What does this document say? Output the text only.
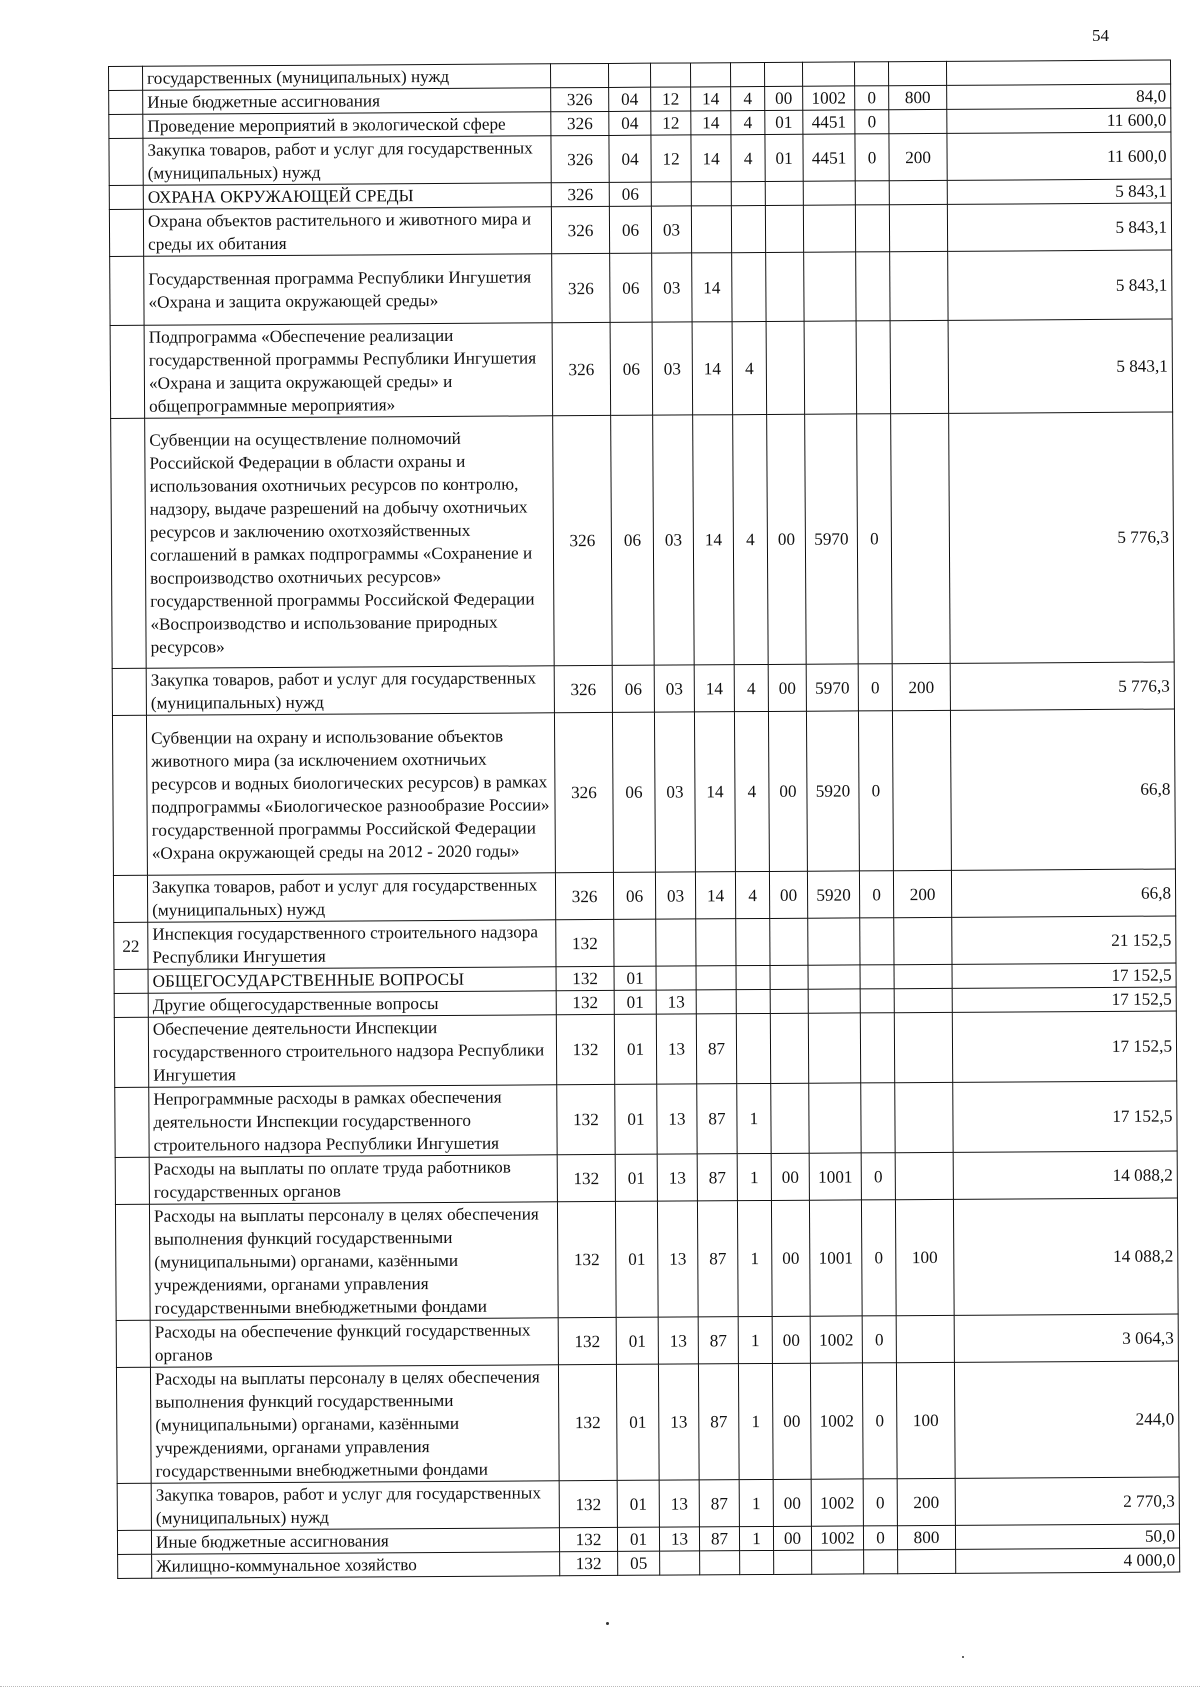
54
	государственных (муниципальных) нужд										
	Иные бюджетные ассигнования	326	04	12	14	4	00	1002	0	800	84,0
	Проведение мероприятий в экологической сфере	326	04	12	14	4	01	4451	0		11 600,0
	Закупка товаров, работ и услуг для государственных (муниципальных) нужд	326	04	12	14	4	01	4451	0	200	11 600,0
	ОХРАНА ОКРУЖАЮЩЕЙ СРЕДЫ	326	06								5 843,1
	Охрана объектов растительного и животного мира и среды их обитания	326	06	03							5 843,1
	Государственная программа Республики Ингушетия «Охрана и защита окружающей среды»	326	06	03	14						5 843,1
	Подпрограмма «Обеспечение реализации государственной программы Республики Ингушетия «Охрана и защита окружающей среды» и общепрограммные мероприятия»	326	06	03	14	4					5 843,1
	Субвенции на осуществление полномочий Российской Федерации в области охраны и использования охотничьих ресурсов по контролю, надзору, выдаче разрешений на добычу охотничьих ресурсов и заключению охотхозяйственных соглашений в рамках подпрограммы «Сохранение и воспроизводство охотничьих ресурсов» государственной программы Российской Федерации «Воспроизводство и использование природных ресурсов»	326	06	03	14	4	00	5970	0		5 776,3
	Закупка товаров, работ и услуг для государственных (муниципальных) нужд	326	06	03	14	4	00	5970	0	200	5 776,3
	Субвенции на охрану и использование объектов животного мира (за исключением охотничьих ресурсов и водных биологических ресурсов) в рамках подпрограммы «Биологическое разнообразие России» государственной программы Российской Федерации «Охрана окружающей среды на 2012 - 2020 годы»	326	06	03	14	4	00	5920	0		66,8
	Закупка товаров, работ и услуг для государственных (муниципальных) нужд	326	06	03	14	4	00	5920	0	200	66,8
22	Инспекция государственного строительного надзора Республики Ингушетия	132									21 152,5
	ОБЩЕГОСУДАРСТВЕННЫЕ ВОПРОСЫ	132	01								17 152,5
	Другие общегосударственные вопросы	132	01	13							17 152,5
	Обеспечение деятельности Инспекции государственного строительного надзора Республики Ингушетия	132	01	13	87						17 152,5
	Непрограммные расходы в рамках обеспечения деятельности Инспекции государственного строительного надзора Республики Ингушетия	132	01	13	87	1					17 152,5
	Расходы на выплаты по оплате труда работников государственных органов	132	01	13	87	1	00	1001	0		14 088,2
	Расходы на выплаты персоналу в целях обеспечения выполнения функций государственными (муниципальными) органами, казёнными учреждениями, органами управления государственными внебюджетными фондами	132	01	13	87	1	00	1001	0	100	14 088,2
	Расходы на обеспечение функций государственных органов	132	01	13	87	1	00	1002	0		3 064,3
	Расходы на выплаты персоналу в целях обеспечения выполнения функций государственными (муниципальными) органами, казёнными учреждениями, органами управления государственными внебюджетными фондами	132	01	13	87	1	00	1002	0	100	244,0
	Закупка товаров, работ и услуг для государственных (муниципальных) нужд	132	01	13	87	1	00	1002	0	200	2 770,3
	Иные бюджетные ассигнования	132	01	13	87	1	00	1002	0	800	50,0
	Жилищно-коммунальное хозяйство	132	05								4 000,0
